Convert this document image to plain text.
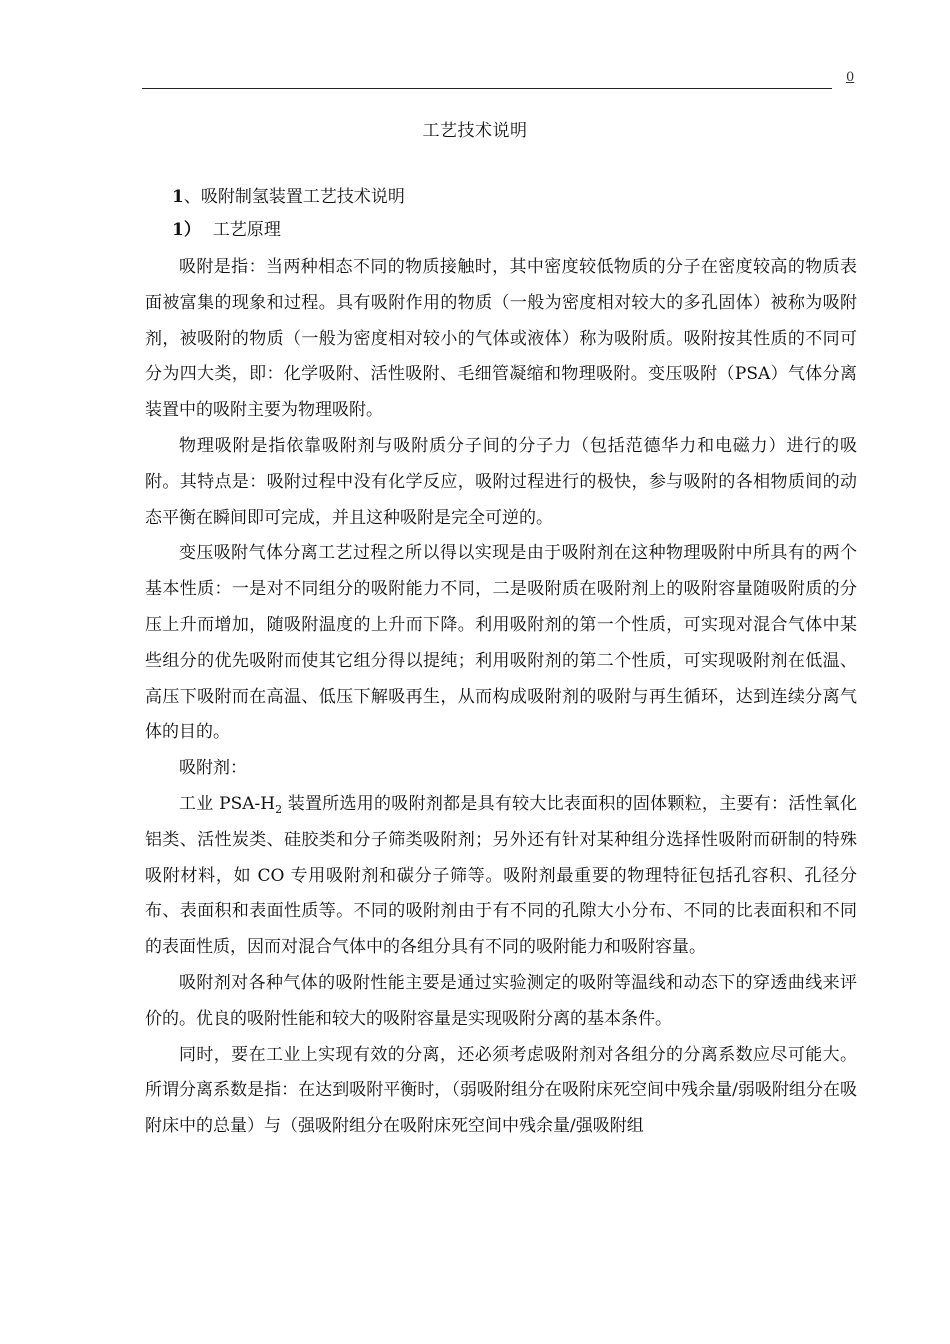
0
工艺技术说明
1、吸附制氢装置工艺技术说明
1） 工艺原理

吸附是指：当两种相态不同的物质接触时，其中密度较低物质的分子在密度较高的物质表面被富集的现象和过程。具有吸附作用的物质（一般为密度相对较大的多孔固体）被称为吸附剂，被吸附的物质（一般为密度相对较小的气体或液体）称为吸附质。吸附按其性质的不同可分为四大类，即：化学吸附、活性吸附、毛细管凝缩和物理吸附。变压吸附（PSA）气体分离装置中的吸附主要为物理吸附。

物理吸附是指依靠吸附剂与吸附质分子间的分子力（包括范德华力和电磁力）进行的吸附。其特点是：吸附过程中没有化学反应，吸附过程进行的极快，参与吸附的各相物质间的动态平衡在瞬间即可完成，并且这种吸附是完全可逆的。

变压吸附气体分离工艺过程之所以得以实现是由于吸附剂在这种物理吸附中所具有的两个基本性质：一是对不同组分的吸附能力不同，二是吸附质在吸附剂上的吸附容量随吸附质的分压上升而增加，随吸附温度的上升而下降。利用吸附剂的第一个性质，可实现对混合气体中某些组分的优先吸附而使其它组分得以提纯；利用吸附剂的第二个性质，可实现吸附剂在低温、高压下吸附而在高温、低压下解吸再生，从而构成吸附剂的吸附与再生循环，达到连续分离气体的目的。

吸附剂：

工业 PSA-$H_2$ 装置所选用的吸附剂都是具有较大比表面积的固体颗粒，主要有：活性氧化铝类、活性炭类、硅胶类和分子筛类吸附剂；另外还有针对某种组分选择性吸附而研制的特殊吸附材料，如 CO 专用吸附剂和碳分子筛等。吸附剂最重要的物理特征包括孔容积、孔径分布、表面积和表面性质等。不同的吸附剂由于有不同的孔隙大小分布、不同的比表面积和不同的表面性质，因而对混合气体中的各组分具有不同的吸附能力和吸附容量。

吸附剂对各种气体的吸附性能主要是通过实验测定的吸附等温线和动态下的穿透曲线来评价的。优良的吸附性能和较大的吸附容量是实现吸附分离的基本条件。

同时，要在工业上实现有效的分离，还必须考虑吸附剂对各组分的分离系数应尽可能大。所谓分离系数是指：在达到吸附平衡时，（弱吸附组分在吸附床死空间中残余量/弱吸附组分在吸附床中的总量）与（强吸附组分在吸附床死空间中残余量/强吸附组
